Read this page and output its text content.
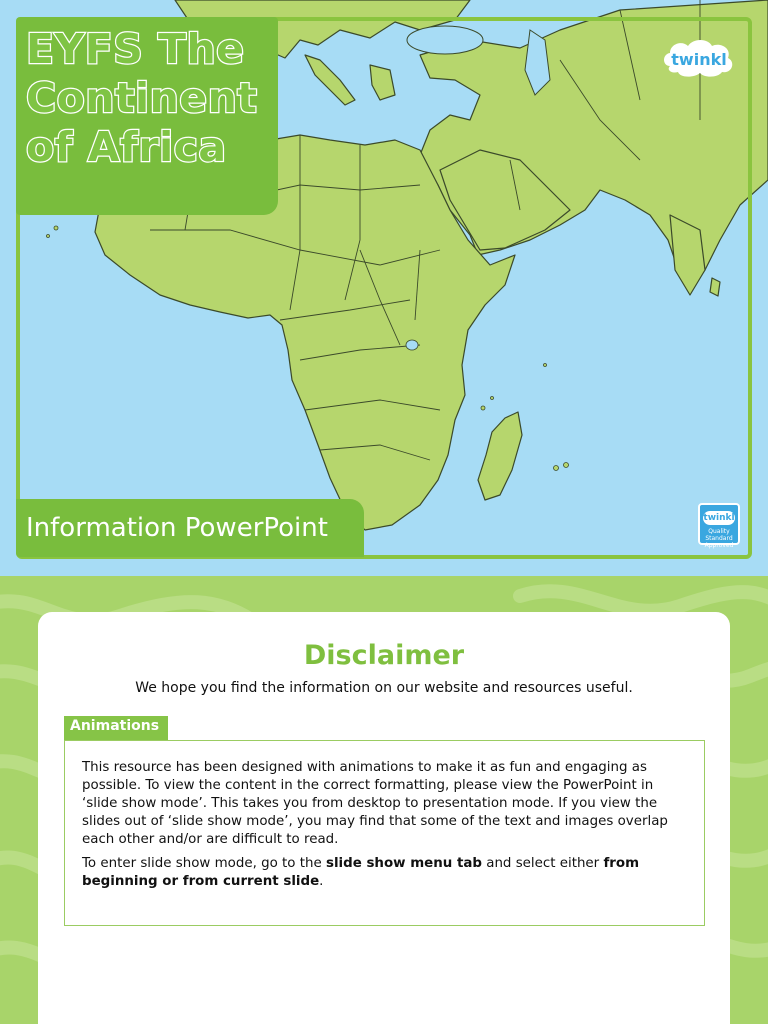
EYFS The
Continent
of Africa
Information PowerPoint
twinkl
twinkl
Quality Standard Approved
Disclaimer
We hope you find the information on our website and resources useful.
Animations

This resource has been designed with animations to make it as fun and engaging as possible. To view the content in the correct formatting, please view the PowerPoint in ‘slide show mode’. This takes you from desktop to presentation mode. If you view the slides out of ‘slide show mode’, you may find that some of the text and images overlap each other and/or are difficult to read.

To enter slide show mode, go to the slide show menu tab and select either from beginning or from current slide.
